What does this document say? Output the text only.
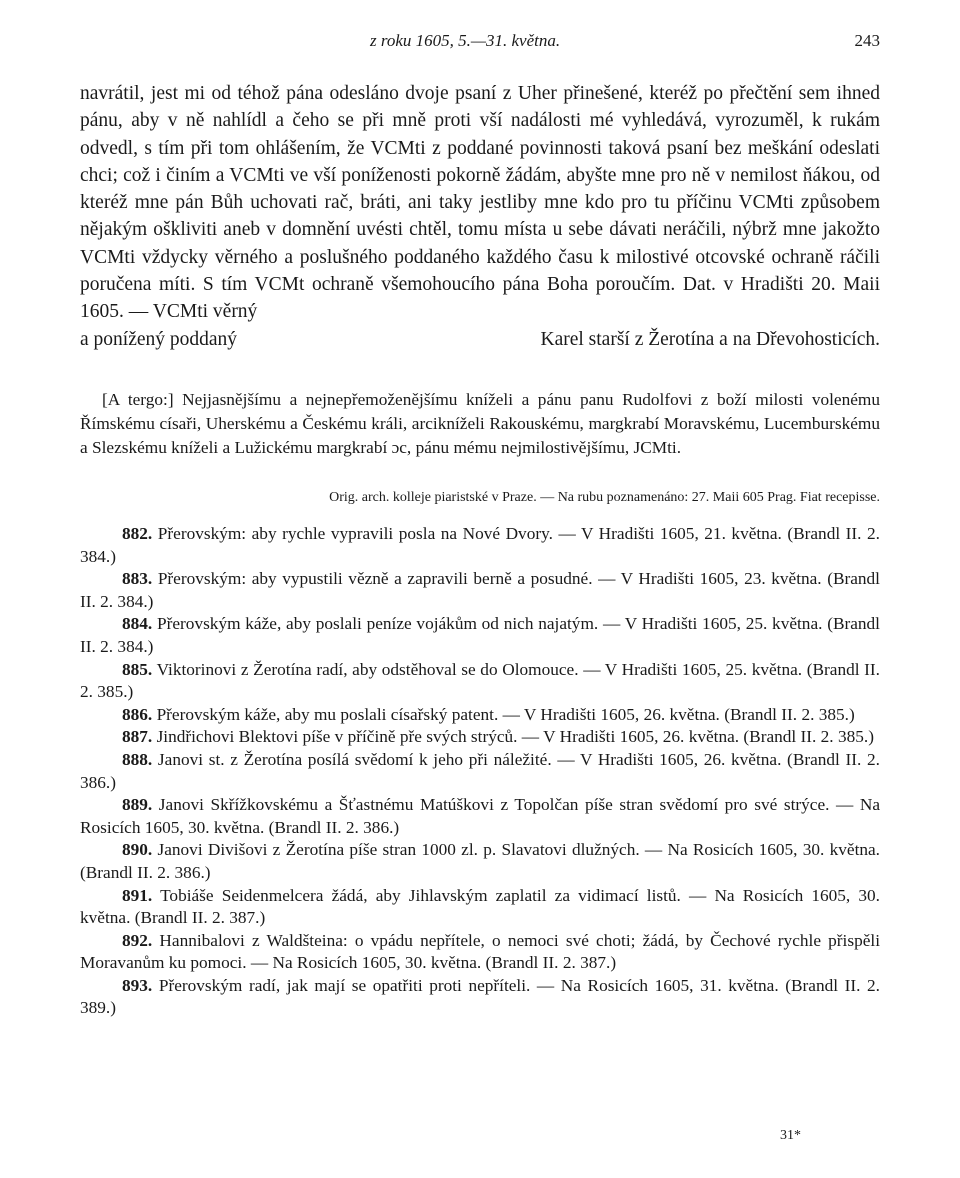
z roku 1605, 5.—31. května.	243

navrátil, jest mi od téhož pána odesláno dvoje psaní z Uher přinešené, kteréž po přečtění sem ihned pánu, aby v ně nahlídl a čeho se při mně proti vší nadálosti mé vyhledává, vyrozuměl, k rukám odvedl, s tím při tom ohlášením, že VCMti z poddané povinnosti taková psaní bez meškání odeslati chci; což i činím a VCMti ve vší poníženosti pokorně žádám, abyšte mne pro ně v nemilost ňákou, od kteréž mne pán Bůh uchovati rač, bráti, ani taky jestliby mne kdo pro tu příčinu VCMti způsobem nějakým oškliviti aneb v domnění uvésti chtěl, tomu místa u sebe dávati neráčili, nýbrž mne jakožto VCMti vždycky věrného a poslušného poddaného každého času k milostivé otcovské ochraně ráčili poručena míti. S tím VCMt ochraně všemohoucího pána Boha poroučím. Dat. v Hradišti 20. Maii 1605. — VCMti věrný

a ponížený poddaný	Karel starší z Žerotína a na Dřevohosticích.

[A tergo:] Nejjasnějšímu a nejnepřemoženějšímu kníželi a pánu panu Rudolfovi z boží milosti volenému Římskému císaři, Uherskému a Českému králi, arcikníželi Rakouskému, margkrabí Moravskému, Lucemburskému a Slezskému kníželi a Lužickému margkrabí ɔc, pánu mému nejmilostivějšímu, JCMti.

Orig. arch. kolleje piaristské v Praze. — Na rubu poznamenáno: 27. Maii 605 Prag. Fiat recepisse.

882. Přerovským: aby rychle vypravili posla na Nové Dvory. — V Hradišti 1605, 21. května. (Brandl II. 2. 384.)

883. Přerovským: aby vypustili vězně a zapravili berně a posudné. — V Hradišti 1605, 23. května. (Brandl II. 2. 384.)

884. Přerovským káže, aby poslali peníze vojákům od nich najatým. — V Hradišti 1605, 25. května. (Brandl II. 2. 384.)

885. Viktorinovi z Žerotína radí, aby odstěhoval se do Olomouce. — V Hradišti 1605, 25. května. (Brandl II. 2. 385.)

886. Přerovským káže, aby mu poslali císařský patent. — V Hradišti 1605, 26. května. (Brandl II. 2. 385.)

887. Jindřichovi Blektovi píše v příčině pře svých strýců. — V Hradišti 1605, 26. května. (Brandl II. 2. 385.)

888. Janovi st. z Žerotína posílá svědomí k jeho při náležité. — V Hradišti 1605, 26. května. (Brandl II. 2. 386.)

889. Janovi Skřížkovskému a Šťastnému Matúškovi z Topolčan píše stran svědomí pro své strýce. — Na Rosicích 1605, 30. května. (Brandl II. 2. 386.)

890. Janovi Divišovi z Žerotína píše stran 1000 zl. p. Slavatovi dlužných. — Na Rosicích 1605, 30. května. (Brandl II. 2. 386.)

891. Tobiáše Seidenmelcera žádá, aby Jihlavským zaplatil za vidimací listů. — Na Rosicích 1605, 30. května. (Brandl II. 2. 387.)

892. Hannibalovi z Waldšteina: o vpádu nepřítele, o nemoci své choti; žádá, by Čechové rychle přispěli Moravanům ku pomoci. — Na Rosicích 1605, 30. května. (Brandl II. 2. 387.)

893. Přerovským radí, jak mají se opatřiti proti nepříteli. — Na Rosicích 1605, 31. května. (Brandl II. 2. 389.)

31*
